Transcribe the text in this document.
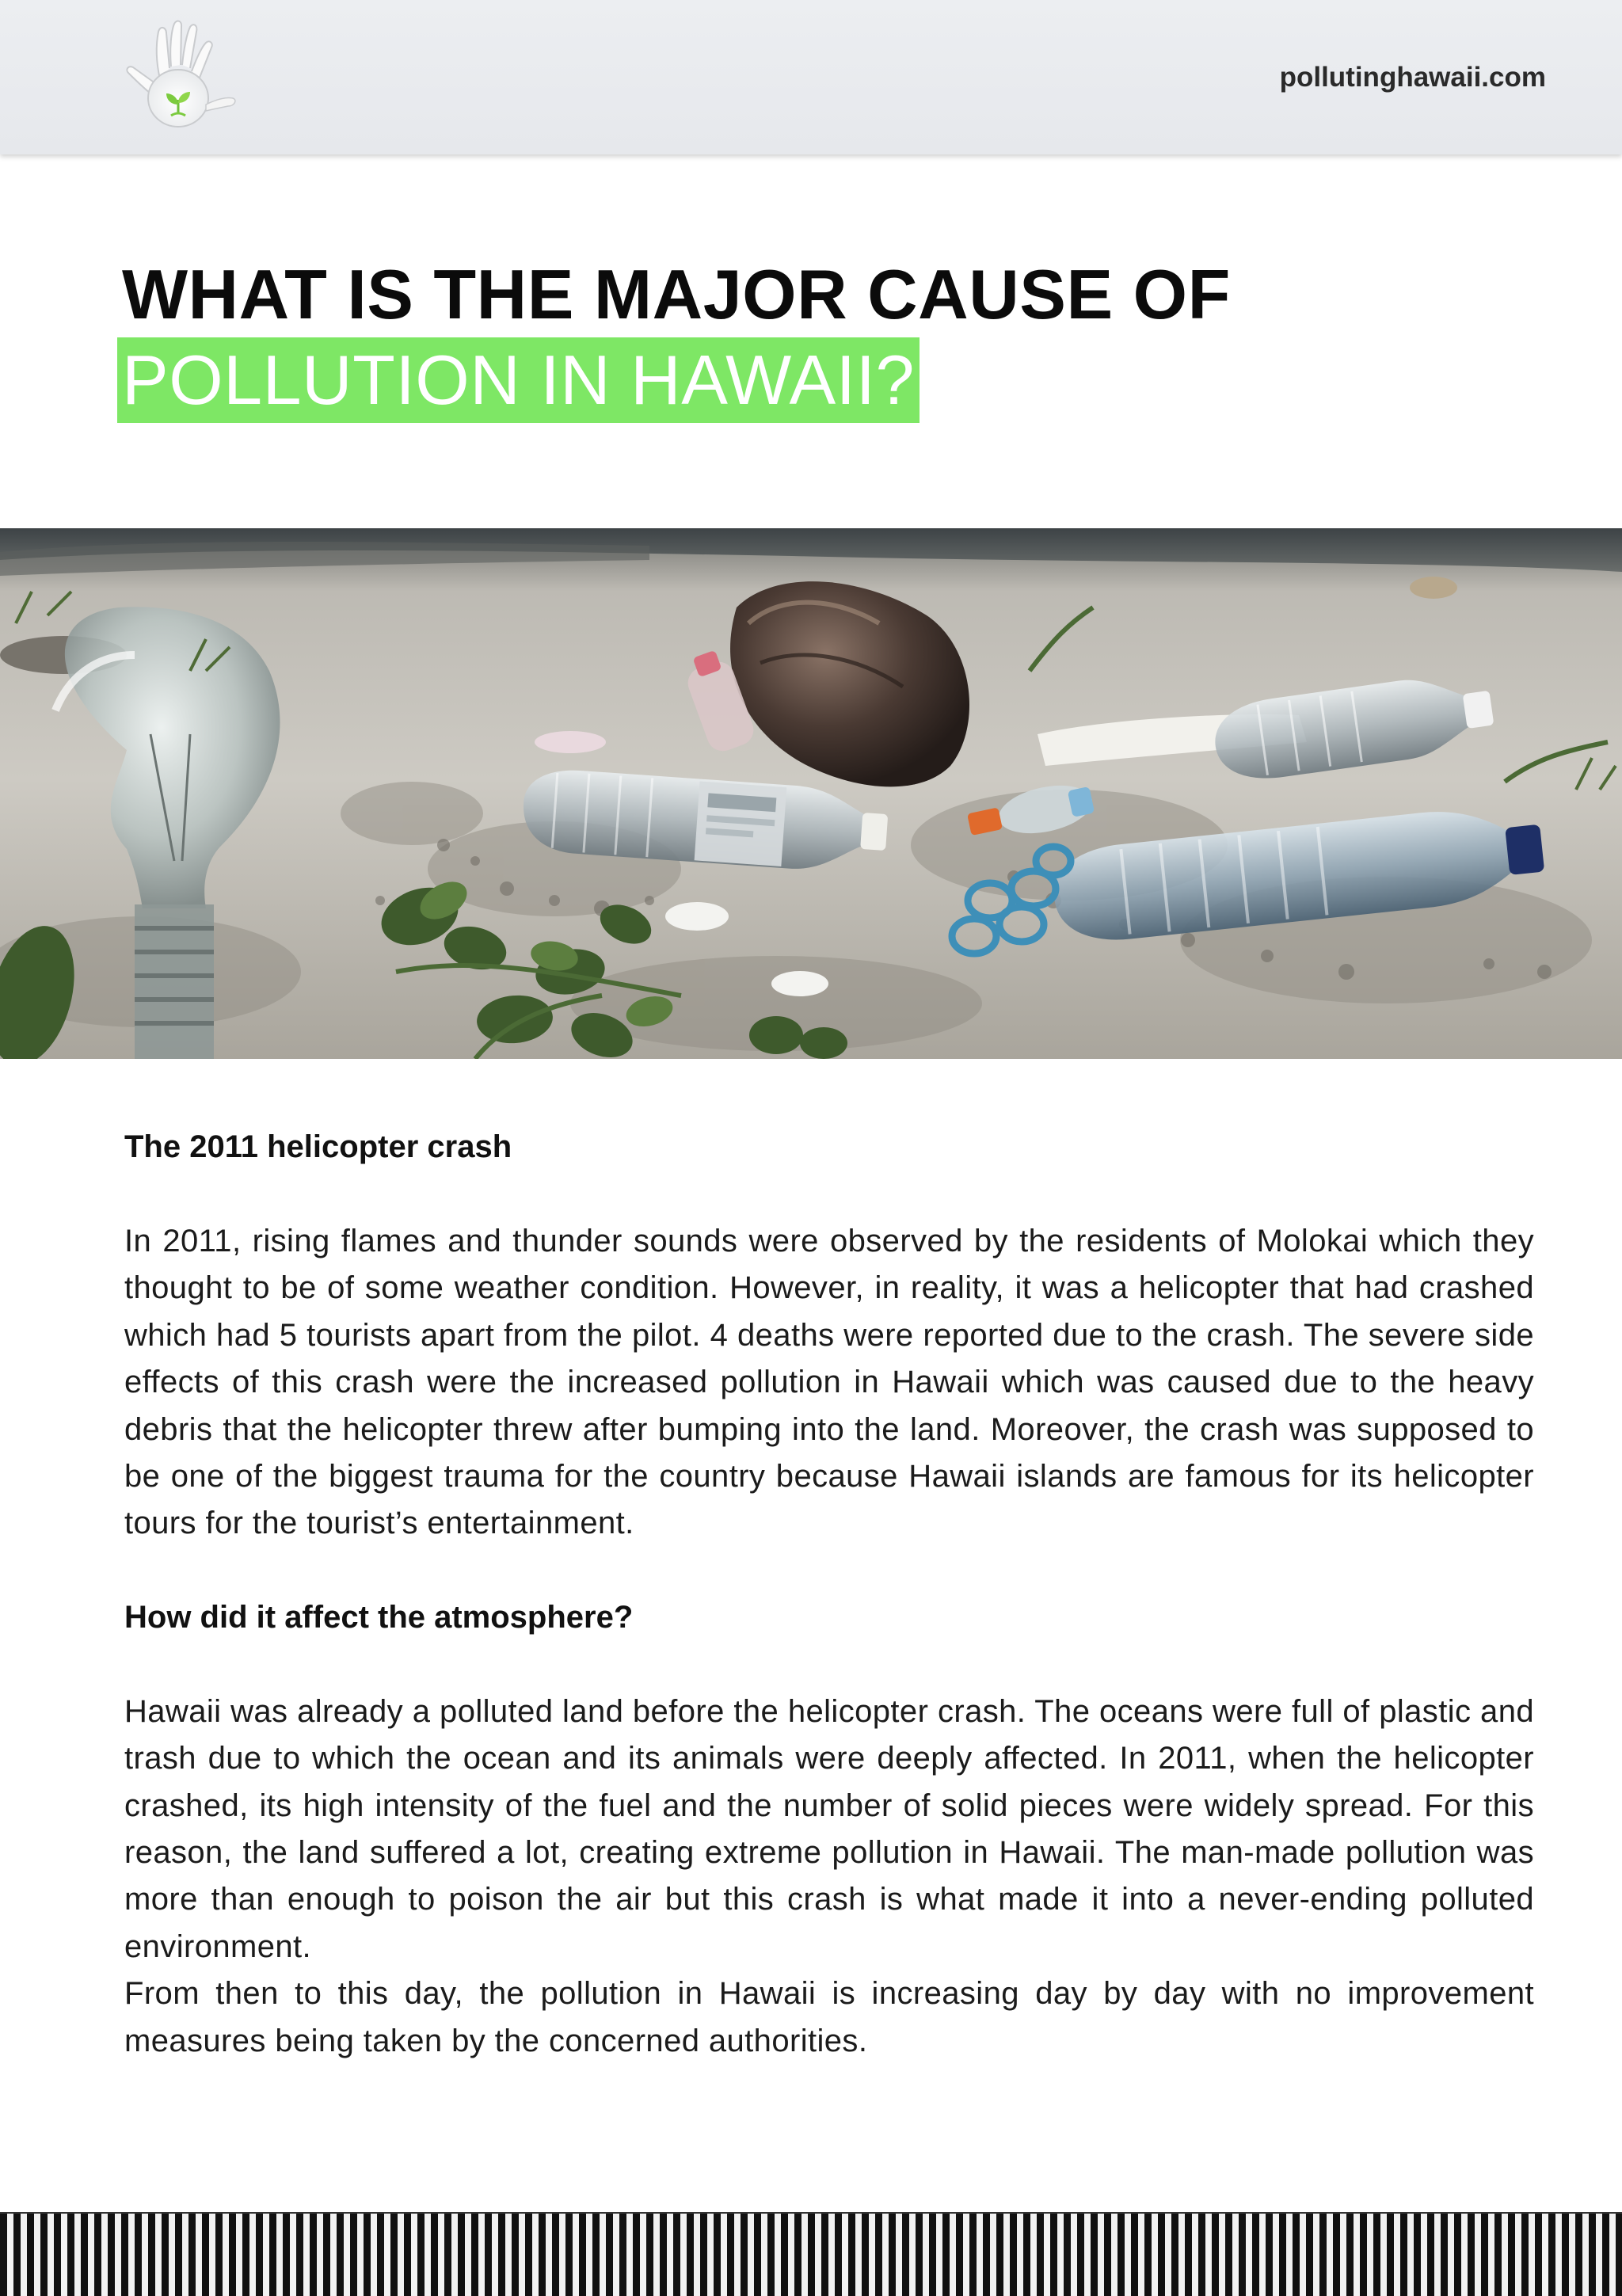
pollutinghawaii.com
WHAT IS THE MAJOR CAUSE OF
POLLUTION IN HAWAII?
The 2011 helicopter crash

In 2011, rising flames and thunder sounds were observed by the residents of Molokai which they thought to be of some weather condition. However, in reality, it was a helicopter that had crashed which had 5 tourists apart from the pilot. 4 deaths were reported due to the crash. The severe side effects of this crash were the increased pollution in Hawaii which was caused due to the heavy debris that the helicopter threw after bumping into the land. Moreover, the crash was supposed to be one of the biggest trauma for the country because Hawaii islands are famous for its helicopter tours for the tourist’s entertainment.

How did it affect the atmosphere?

Hawaii was already a polluted land before the helicopter crash. The oceans were full of plastic and trash due to which the ocean and its animals were deeply affected. In 2011, when the helicopter crashed, its high intensity of the fuel and the number of solid pieces were widely spread. For this reason, the land suffered a lot, creating extreme pollution in Hawaii. The man-made pollution was more than enough to poison the air but this crash is what made it into a never-ending polluted environment.

From then to this day, the pollution in Hawaii is increasing day by day with no improvement measures being taken by the concerned authorities.
